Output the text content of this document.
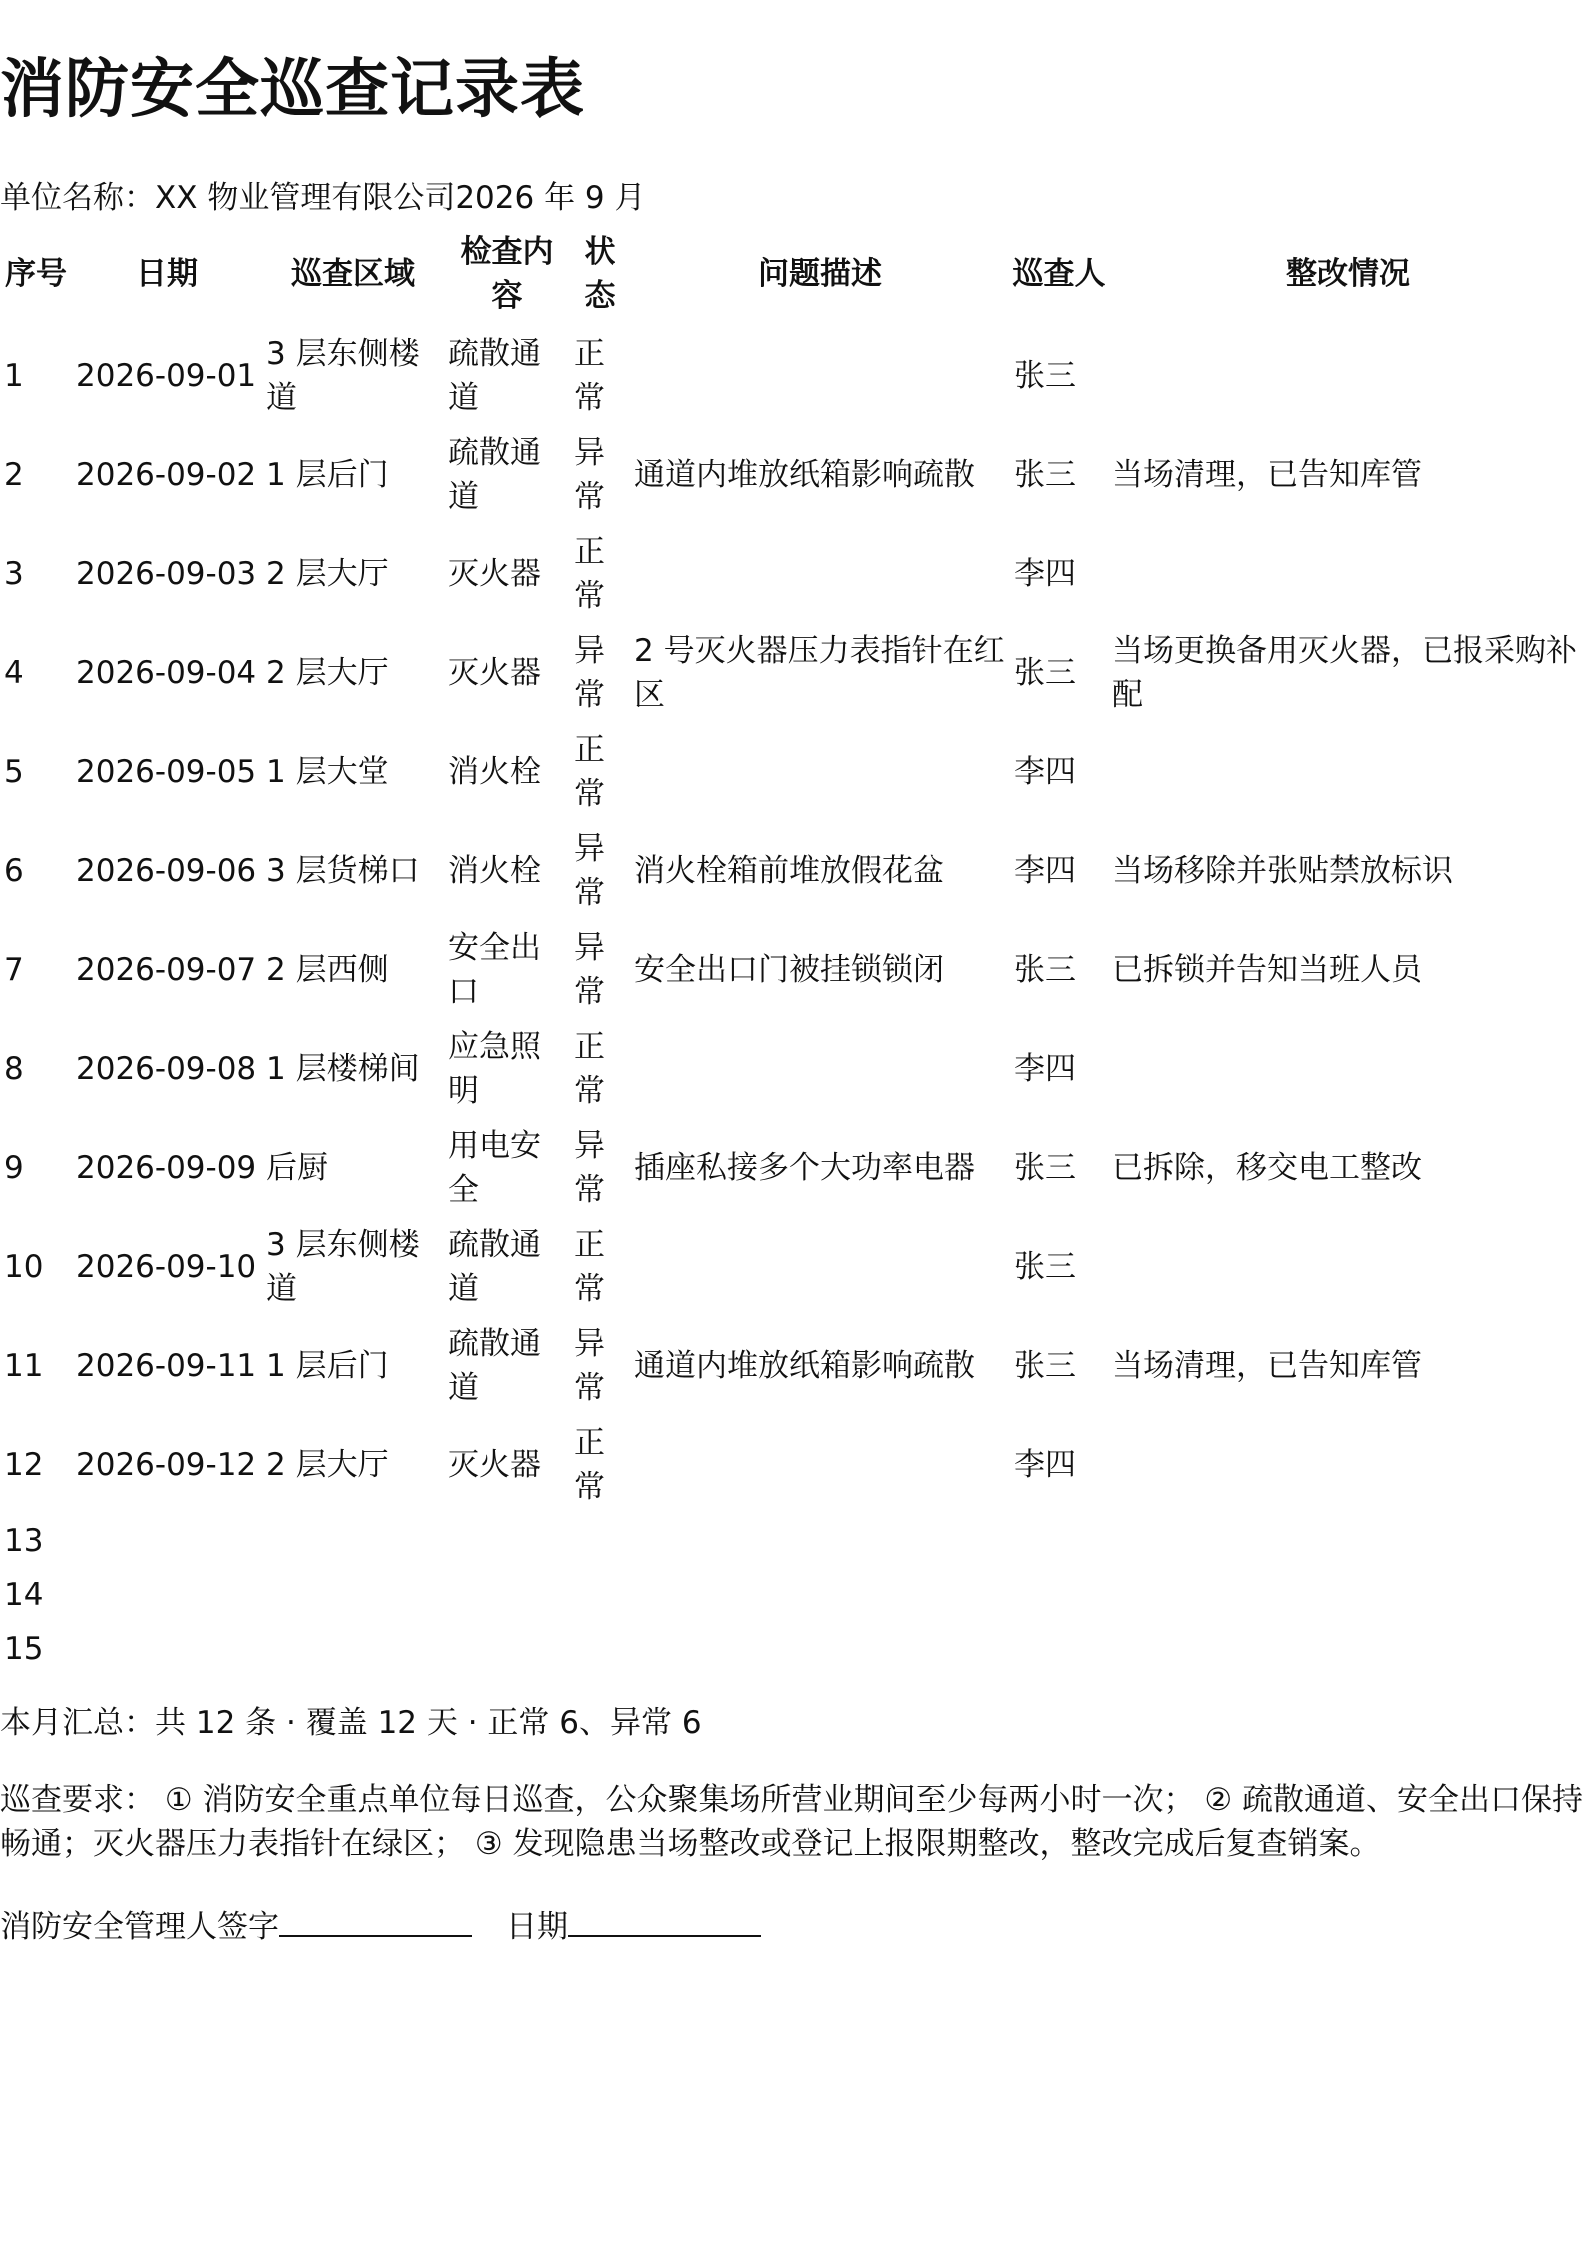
消防安全巡查记录表
单位名称：XX 物业管理有限公司2026 年 9 月
序号	日期	巡查区域	检查内容	状态	问题描述	巡查人	整改情况
1	2026-09-01	3 层东侧楼道	疏散通道	正常		张三	
2	2026-09-02	1 层后门	疏散通道	异常	通道内堆放纸箱影响疏散	张三	当场清理，已告知库管
3	2026-09-03	2 层大厅	灭火器	正常		李四	
4	2026-09-04	2 层大厅	灭火器	异常	2 号灭火器压力表指针在红区	张三	当场更换备用灭火器，已报采购补配
5	2026-09-05	1 层大堂	消火栓	正常		李四	
6	2026-09-06	3 层货梯口	消火栓	异常	消火栓箱前堆放假花盆	李四	当场移除并张贴禁放标识
7	2026-09-07	2 层西侧	安全出口	异常	安全出口门被挂锁锁闭	张三	已拆锁并告知当班人员
8	2026-09-08	1 层楼梯间	应急照明	正常		李四	
9	2026-09-09	后厨	用电安全	异常	插座私接多个大功率电器	张三	已拆除，移交电工整改
10	2026-09-10	3 层东侧楼道	疏散通道	正常		张三	
11	2026-09-11	1 层后门	疏散通道	异常	通道内堆放纸箱影响疏散	张三	当场清理，已告知库管
12	2026-09-12	2 层大厅	灭火器	正常		李四	
13							
14							
15							
本月汇总：共 12 条 · 覆盖 12 天 · 正常 6、异常 6
巡查要求： ① 消防安全重点单位每日巡查，公众聚集场所营业期间至少每两小时一次； ② 疏散通道、安全出口保持畅通；灭火器压力表指针在绿区； ③ 发现隐患当场整改或登记上报限期整改，整改完成后复查销案。
消防安全管理人签字	日期
